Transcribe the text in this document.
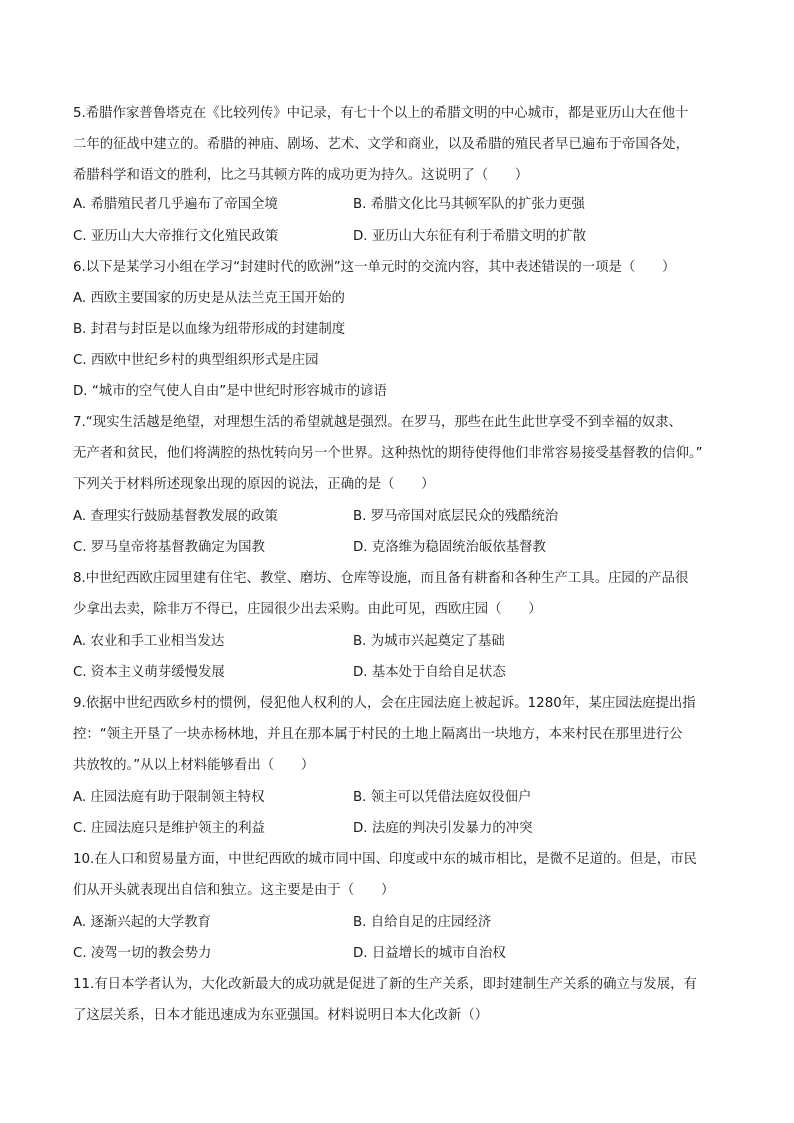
5.希腊作家普鲁塔克在《比较列传》中记录，有七十个以上的希腊文明的中心城市，都是亚历山大在他十

二年的征战中建立的。希腊的神庙、剧场、艺术、文学和商业，以及希腊的殖民者早已遍布于帝国各处，

希腊科学和语文的胜利，比之马其顿方阵的成功更为持久。这说明了（　　）

A. 希腊殖民者几乎遍布了帝国全境	B. 希腊文化比马其顿军队的扩张力更强
C. 亚历山大大帝推行文化殖民政策	D. 亚历山大东征有利于希腊文明的扩散
6.以下是某学习小组在学习“封建时代的欧洲”这一单元时的交流内容，其中表述错误的一项是（　　）
A. 西欧主要国家的历史是从法兰克王国开始的
B. 封君与封臣是以血缘为纽带形成的封建制度
C. 西欧中世纪乡村的典型组织形式是庄园
D. “城市的空气使人自由”是中世纪时形容城市的谚语

7.“现实生活越是绝望，对理想生活的希望就越是强烈。在罗马，那些在此生此世享受不到幸福的奴隶、

无产者和贫民，他们将满腔的热忱转向另一个世界。这种热忱的期待使得他们非常容易接受基督教的信仰。”

下列关于材料所述现象出现的原因的说法，正确的是（　　）

A. 查理实行鼓励基督教发展的政策	B. 罗马帝国对底层民众的残酷统治
C. 罗马皇帝将基督教确定为国教	D. 克洛维为稳固统治皈依基督教

8.中世纪西欧庄园里建有住宅、教堂、磨坊、仓库等设施，而且备有耕畜和各种生产工具。庄园的产品很

少拿出去卖，除非万不得已，庄园很少出去采购。由此可见，西欧庄园（　　）

A. 农业和手工业相当发达	B. 为城市兴起奠定了基础
C. 资本主义萌芽缓慢发展	D. 基本处于自给自足状态

9.依据中世纪西欧乡村的惯例，侵犯他人权利的人，会在庄园法庭上被起诉。1280年，某庄园法庭提出指

控：“领主开垦了一块赤杨林地，并且在那本属于村民的土地上隔离出一块地方，本来村民在那里进行公

共放牧的。”从以上材料能够看出（　　）

A. 庄园法庭有助于限制领主特权	B. 领主可以凭借法庭奴役佃户
C. 庄园法庭只是维护领主的利益	D. 法庭的判决引发暴力的冲突

10.在人口和贸易量方面，中世纪西欧的城市同中国、印度或中东的城市相比，是微不足道的。但是，市民

们从开头就表现出自信和独立。这主要是由于（　　）

A. 逐渐兴起的大学教育	B. 自给自足的庄园经济
C. 凌驾一切的教会势力	D. 日益增长的城市自治权

11.有日本学者认为，大化改新最大的成功就是促进了新的生产关系，即封建制生产关系的确立与发展，有

了这层关系，日本才能迅速成为东亚强国。材料说明日本大化改新（）
